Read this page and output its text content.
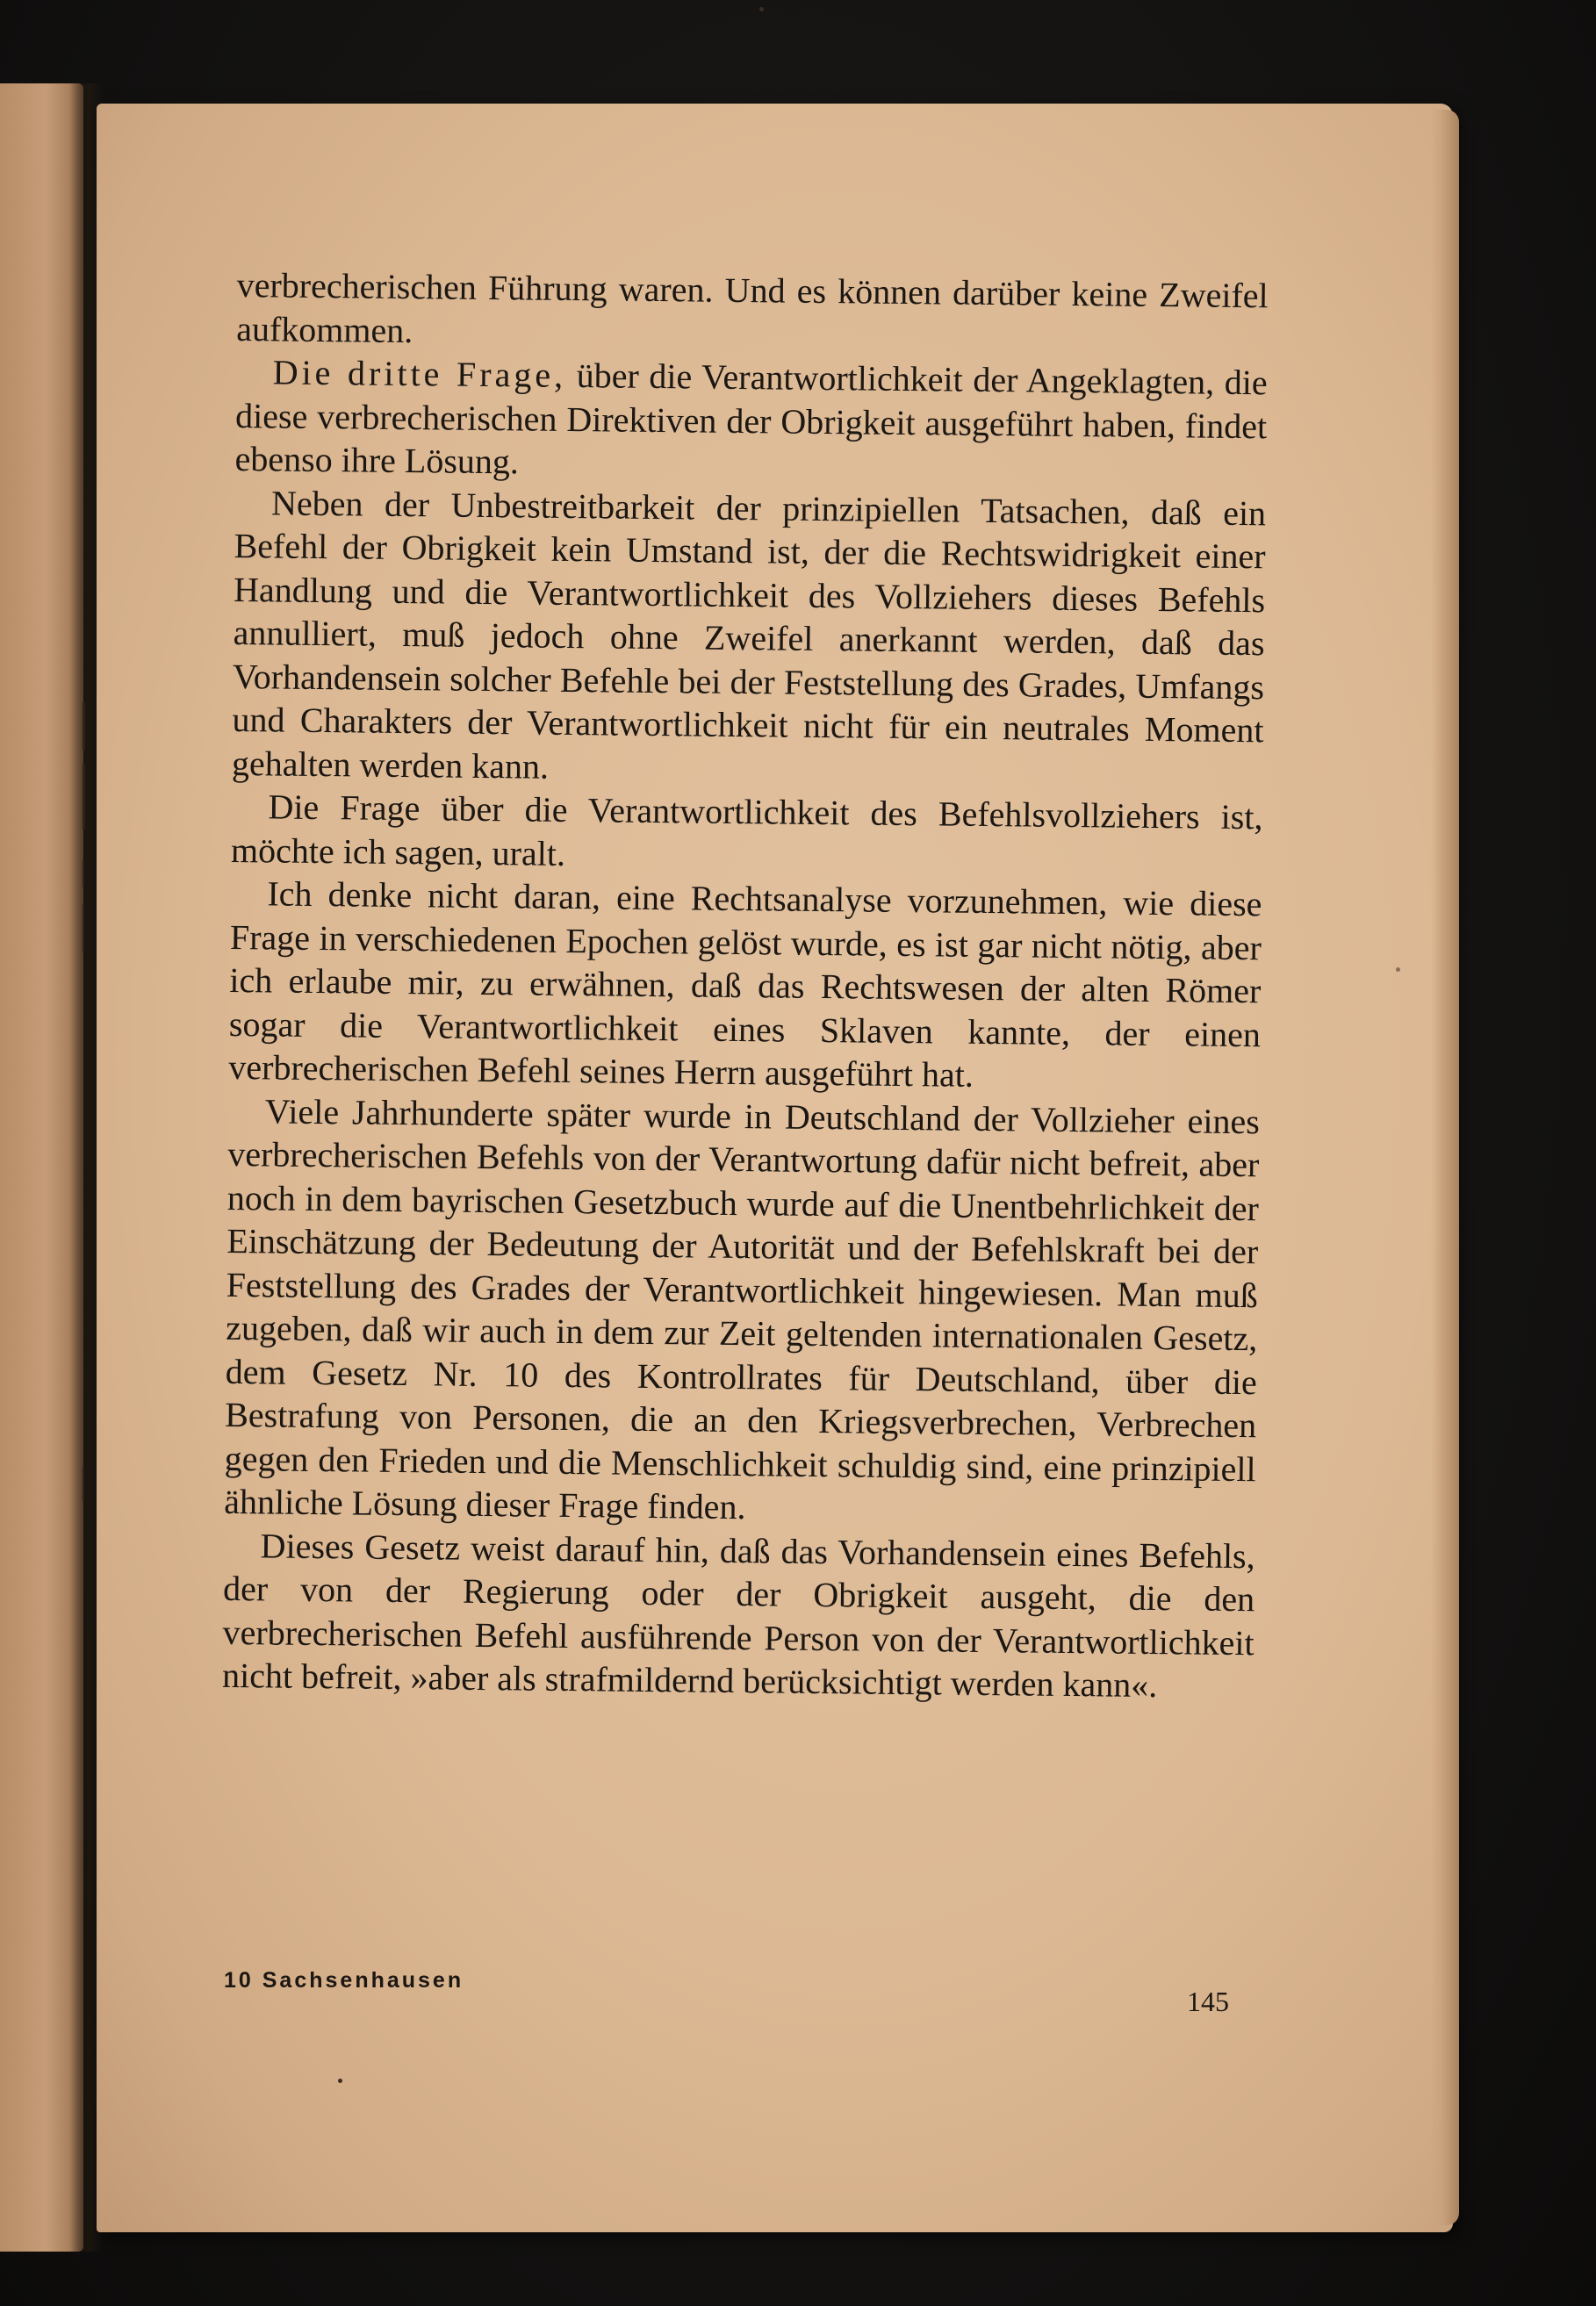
verbrecherischen Führung waren. Und es können darüber keine Zweifel aufkommen.

Die dritte Frage, über die Verantwortlichkeit der Angeklagten, die diese verbrecherischen Direktiven der Obrigkeit ausgeführt haben, findet ebenso ihre Lösung.

Neben der Unbestreitbarkeit der prinzipiellen Tatsachen, daß ein Befehl der Obrigkeit kein Umstand ist, der die Rechtswidrigkeit einer Handlung und die Verantwortlichkeit des Vollziehers dieses Befehls annulliert, muß jedoch ohne Zweifel anerkannt werden, daß das Vorhandensein solcher Befehle bei der Feststellung des Grades, Umfangs und Charakters der Verantwortlichkeit nicht für ein neutrales Moment gehalten werden kann.

Die Frage über die Verantwortlichkeit des Befehlsvollziehers ist, möchte ich sagen, uralt.

Ich denke nicht daran, eine Rechtsanalyse vorzunehmen, wie diese Frage in verschiedenen Epochen gelöst wurde, es ist gar nicht nötig, aber ich erlaube mir, zu erwähnen, daß das Rechtswesen der alten Römer sogar die Verantwortlichkeit eines Sklaven kannte, der einen verbrecherischen Befehl seines Herrn ausgeführt hat.

Viele Jahrhunderte später wurde in Deutschland der Vollzieher eines verbrecherischen Befehls von der Verantwortung dafür nicht befreit, aber noch in dem bayrischen Gesetzbuch wurde auf die Unentbehrlichkeit der Einschätzung der Bedeutung der Autorität und der Befehlskraft bei der Feststellung des Grades der Verantwortlichkeit hingewiesen. Man muß zugeben, daß wir auch in dem zur Zeit geltenden internationalen Gesetz, dem Gesetz Nr. 10 des Kontrollrates für Deutschland, über die Bestrafung von Personen, die an den Kriegsverbrechen, Verbrechen gegen den Frieden und die Menschlichkeit schuldig sind, eine prinzipiell ähnliche Lösung dieser Frage finden.

Dieses Gesetz weist darauf hin, daß das Vorhandensein eines Befehls, der von der Regierung oder der Obrigkeit ausgeht, die den verbrecherischen Befehl ausführende Person von der Verantwortlichkeit nicht befreit, »aber als strafmildernd berücksichtigt werden kann«.

10 Sachsenhausen
145
